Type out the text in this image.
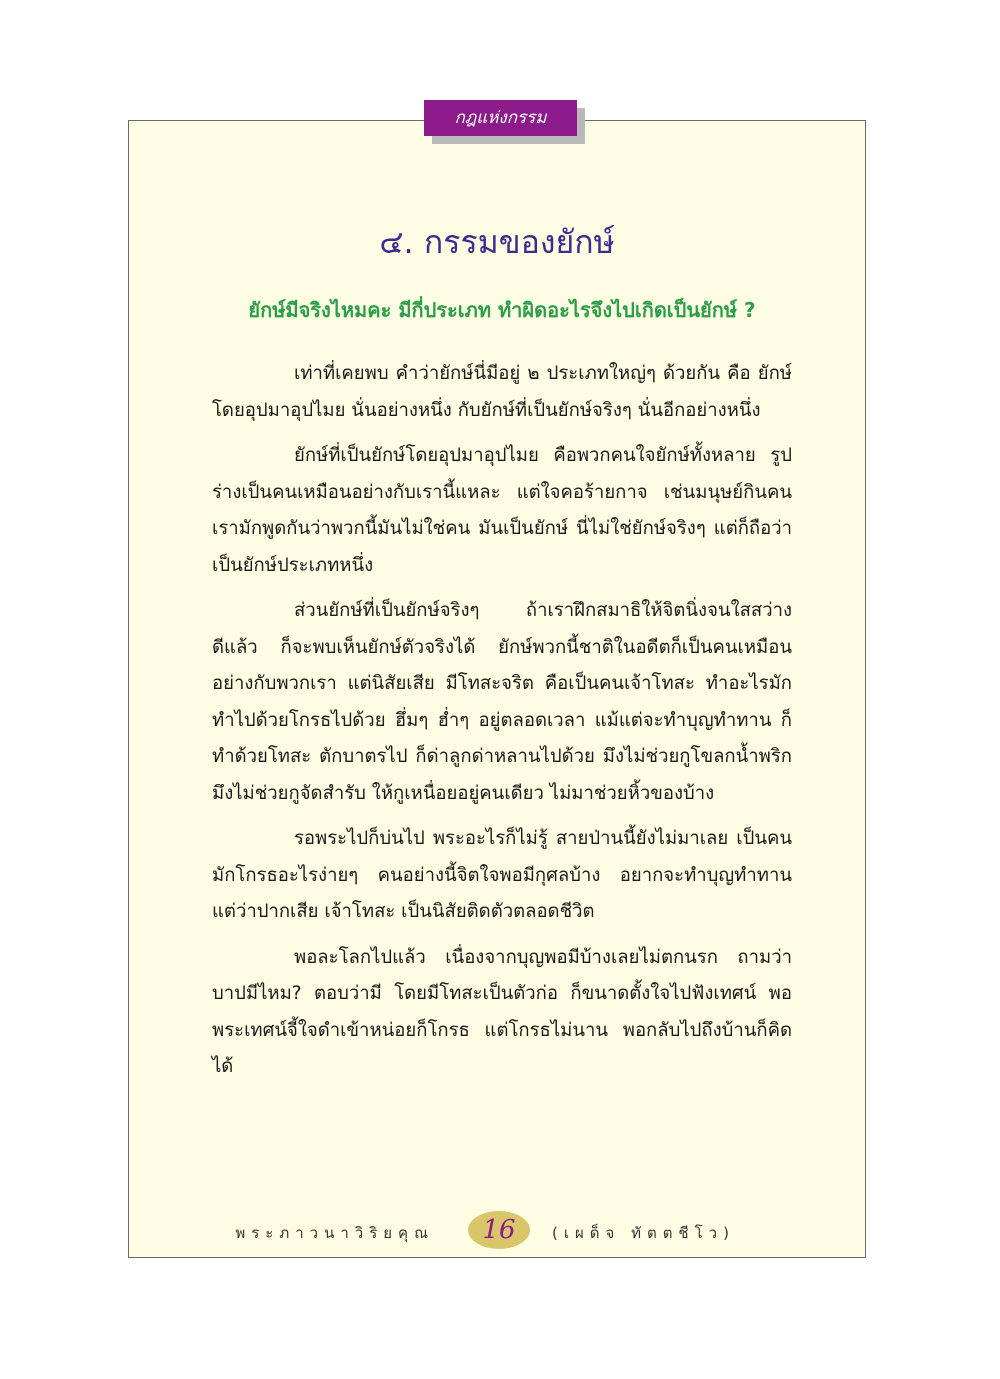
กฎแห่งกรรม
๔. กรรมของยักษ์
ยักษ์มีจริงไหมคะ มีกี่ประเภท ทำผิดอะไรจึงไปเกิดเป็นยักษ์ ?

เท่าที่เคยพบ คำว่ายักษ์นี่มีอยู่ ๒ ประเภทใหญ่ๆ ด้วยกัน คือ ยักษ์โดยอุปมาอุปไมย นั่นอย่างหนึ่ง กับยักษ์ที่เป็นยักษ์จริงๆ นั่นอีกอย่างหนึ่ง

ยักษ์ที่เป็นยักษ์โดยอุปมาอุปไมย คือพวกคนใจยักษ์ทั้งหลาย รูปร่างเป็นคนเหมือนอย่างกับเรานี้แหละ แต่ใจคอร้ายกาจ เช่นมนุษย์กินคน เรามักพูดกันว่าพวกนี้มันไม่ใช่คน มันเป็นยักษ์ นี่ไม่ใช่ยักษ์จริงๆ แต่ก็ถือว่าเป็นยักษ์ประเภทหนึ่ง

ส่วนยักษ์ที่เป็นยักษ์จริงๆ ถ้าเราฝึกสมาธิให้จิตนิ่งจนใสสว่างดีแล้ว ก็จะพบเห็นยักษ์ตัวจริงได้ ยักษ์พวกนี้ชาติในอดีตก็เป็นคนเหมือนอย่างกับพวกเรา แต่นิสัยเสีย มีโทสะจริต คือเป็นคนเจ้าโทสะ ทำอะไรมักทำไปด้วยโกรธไปด้วย ฮึ่มๆ ฮ่ำๆ อยู่ตลอดเวลา แม้แต่จะทำบุญทำทาน ก็ทำด้วยโทสะ ตักบาตรไป ก็ด่าลูกด่าหลานไปด้วย มึงไม่ช่วยกูโขลกน้ำพริก มึงไม่ช่วยกูจัดสำรับ ให้กูเหนื่อยอยู่คนเดียว ไม่มาช่วยหิ้วของบ้าง

รอพระไปก็บ่นไป พระอะไรก็ไม่รู้ สายป่านนี้ยังไม่มาเลย เป็นคนมักโกรธอะไรง่ายๆ คนอย่างนี้จิตใจพอมีกุศลบ้าง อยากจะทำบุญทำทาน แต่ว่าปากเสีย เจ้าโทสะ เป็นนิสัยติดตัวตลอดชีวิต

พอละโลกไปแล้ว เนื่องจากบุญพอมีบ้างเลยไม่ตกนรก ถามว่าบาปมีไหม? ตอบว่ามี โดยมีโทสะเป็นตัวก่อ ก็ขนาดตั้งใจไปฟังเทศน์ พอพระเทศน์จี้ใจดำเข้าหน่อยก็โกรธ แต่โกรธไม่นาน พอกลับไปถึงบ้านก็คิดได้

พระภาวนาวิริยคุณ	16	(เผด็จ ทัตตชีโว)
